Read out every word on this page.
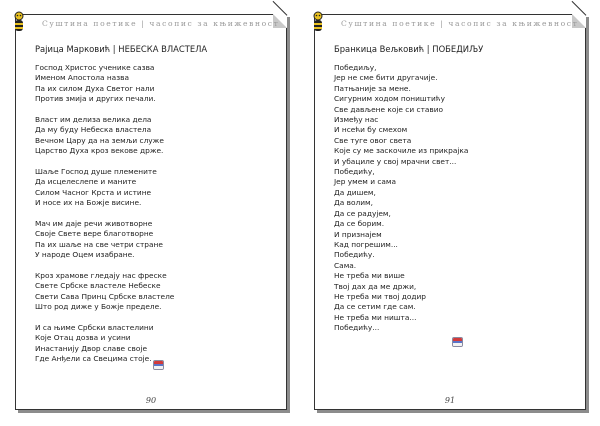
Суштина поетике | часопис за књижевност
Рајица Марковић | НЕБЕСКА ВЛАСТЕЛА
Господ Христос ученике сазва
Именом Апостола назва
Па их силом Духа Светог нали
Против змија и других печали.
Власт им делиза велика дела
Да му буду Небеска властела
Вечном Цару да на земљи служе
Царство Духа кроз векове држе.
Шаље Господ душе племените
Да исцелеслепе и маните
Силом Часног Крста и истине
И носе их на Божје висине.
Мач им даје речи животворне
Своје Свете вере благотворне
Па их шаље на све четри стране
У народе Оцем изабране.
Кроз храмове гледају нас фреске
Свете Србске властеле Небеске
Свети Сава Принц Србске властеле
Што род диже у Божје пределе.
И са њиме Србски властелини
Које Отац дозва и усини
Инастанију Двор славе своје
Где Анђели са Свецима стоје.
90
Суштина поетике | часопис за књижевност
Бранкица Вељковић | ПОБЕДИЉУ
Победиљу,
Јер не сме бити другачије.
Патњаније за мене.
Сигурним ходом поништићу
Све дављене које си ставио
Између нас
И нсећи бу смехом
Све туге овог света
Које су ме заскочиле из прикрајка
И убациле у свој мрачни свет...
Победићу,
Јер умем и сама
Да дишем,
Да волим,
Да се радујем,
Да се борим.
И признајем
Кад погрешим...
Победићу.
Сама.
Не треба ми више
Твој дах да ме држи,
Не треба ми твој додир
Да се сетим где сам.
Не треба ми ништа...
Победићу...
91
